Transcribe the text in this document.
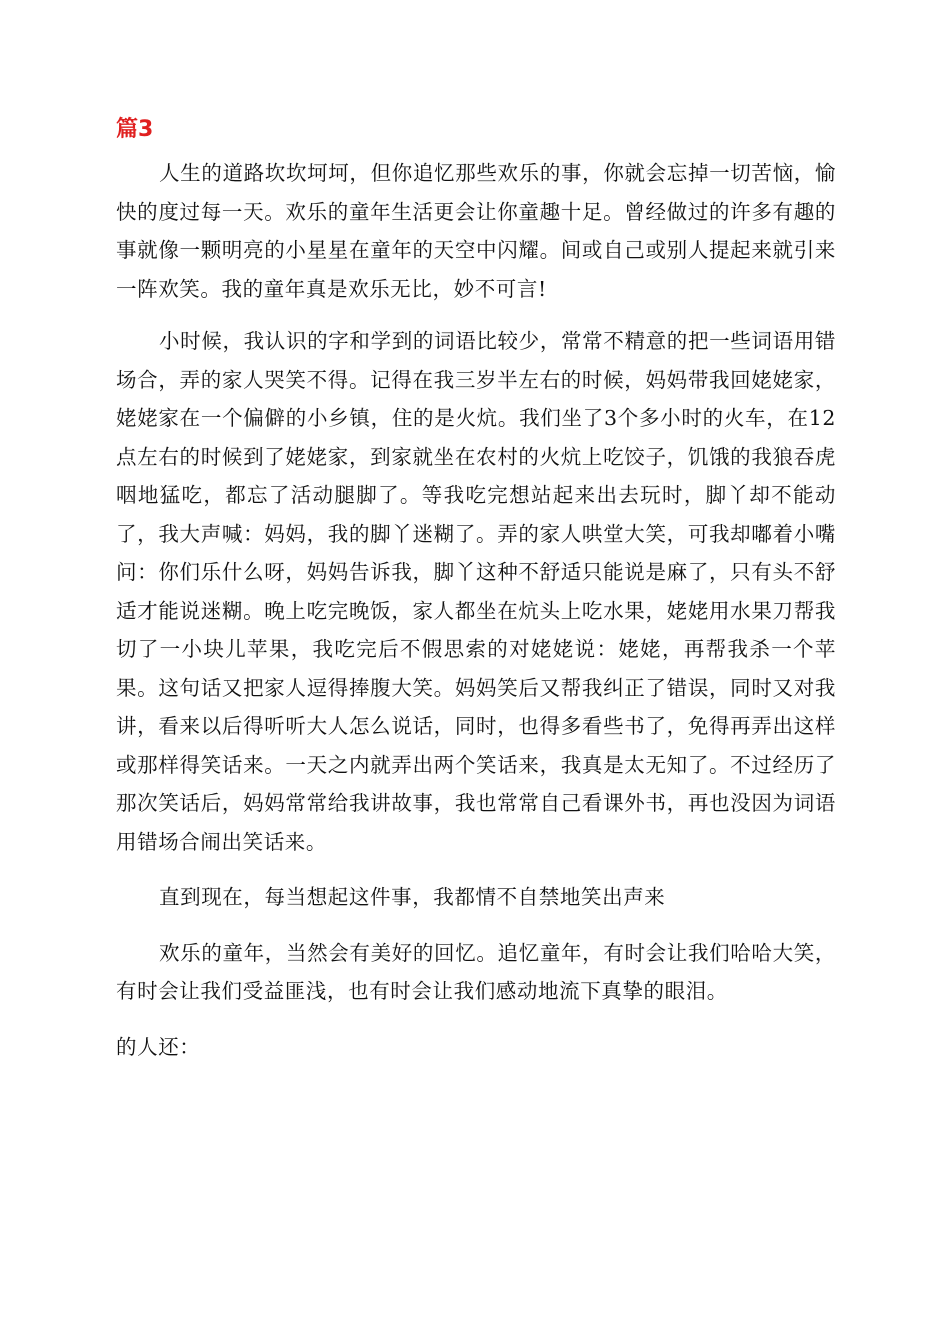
篇3

人生的道路坎坎坷坷，但你追忆那些欢乐的事，你就会忘掉一切苦恼，愉快的度过每一天。欢乐的童年生活更会让你童趣十足。曾经做过的许多有趣的事就像一颗明亮的小星星在童年的天空中闪耀。间或自己或别人提起来就引来一阵欢笑。我的童年真是欢乐无比，妙不可言!

小时候，我认识的字和学到的词语比较少，常常不精意的把一些词语用错场合，弄的家人哭笑不得。记得在我三岁半左右的时候，妈妈带我回姥姥家，姥姥家在一个偏僻的小乡镇，住的是火炕。我们坐了3个多小时的火车，在12点左右的时候到了姥姥家，到家就坐在农村的火炕上吃饺子，饥饿的我狼吞虎咽地猛吃，都忘了活动腿脚了。等我吃完想站起来出去玩时，脚丫却不能动了，我大声喊：妈妈，我的脚丫迷糊了。弄的家人哄堂大笑，可我却嘟着小嘴问：你们乐什么呀，妈妈告诉我，脚丫这种不舒适只能说是麻了，只有头不舒适才能说迷糊。晚上吃完晚饭，家人都坐在炕头上吃水果，姥姥用水果刀帮我切了一小块儿苹果，我吃完后不假思索的对姥姥说：姥姥，再帮我杀一个苹果。这句话又把家人逗得捧腹大笑。妈妈笑后又帮我纠正了错误，同时又对我讲，看来以后得听听大人怎么说话，同时，也得多看些书了，免得再弄出这样或那样得笑话来。一天之内就弄出两个笑话来，我真是太无知了。不过经历了那次笑话后，妈妈常常给我讲故事，我也常常自己看课外书，再也没因为词语用错场合闹出笑话来。

直到现在，每当想起这件事，我都情不自禁地笑出声来

欢乐的童年，当然会有美好的回忆。追忆童年，有时会让我们哈哈大笑，有时会让我们受益匪浅，也有时会让我们感动地流下真挚的眼泪。

的人还：
